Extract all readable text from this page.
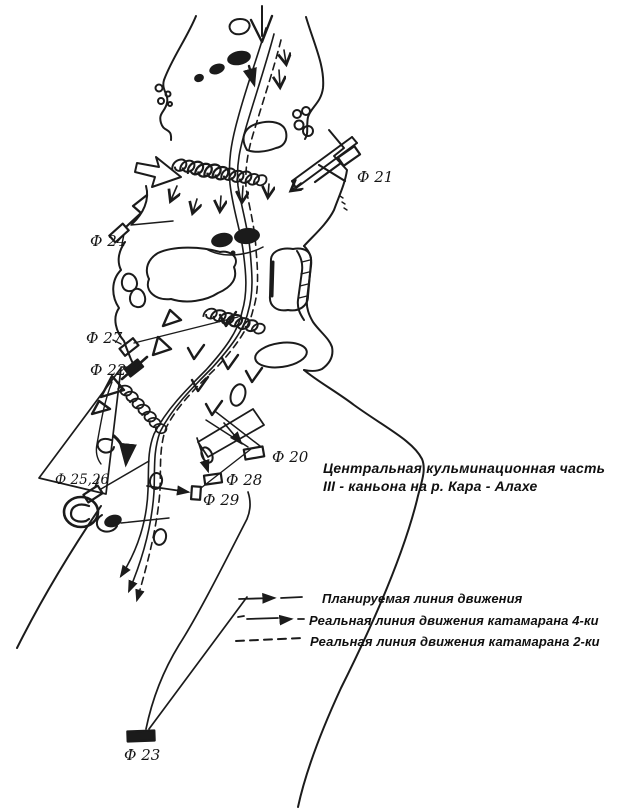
Ф 21
Ф 24
Ф 27
Ф 22
Ф 25,26	Ф 28
Ф 29
Ф 20
Ф 23
Центральная кульминационная часть
III - каньона на р. Кара - Алахе
Планируемая линия движения
Реальная линия движения катамарана 4-ки
Реальная линия движения катамарана 2-ки
